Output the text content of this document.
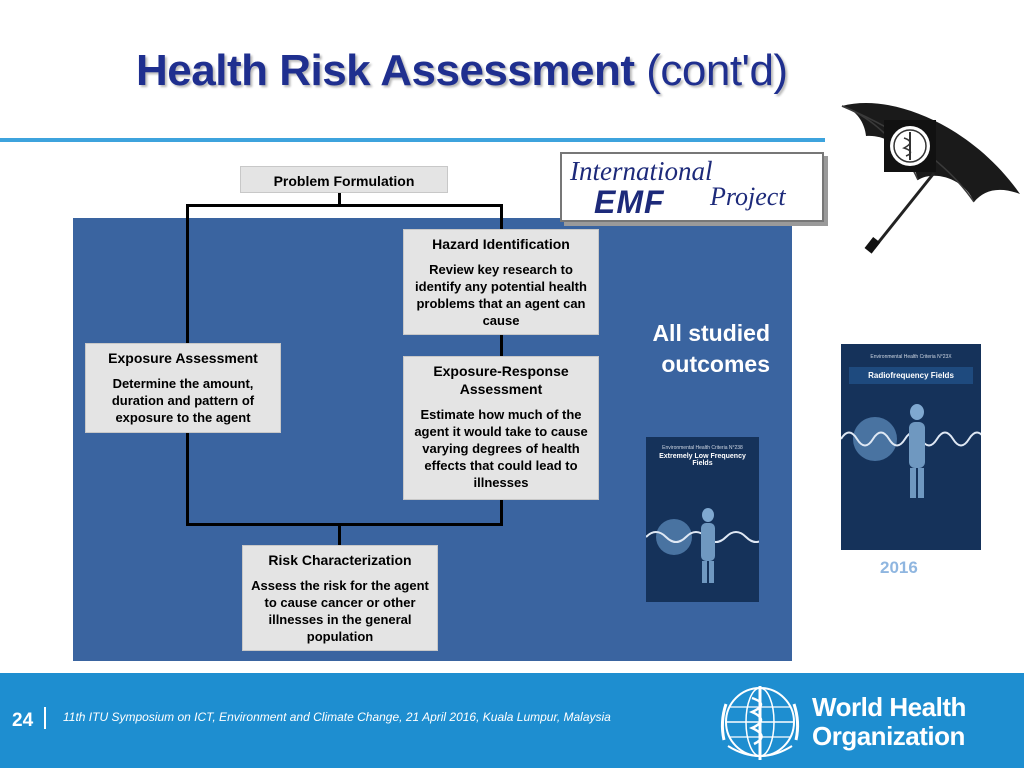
Health Risk Assessment (cont'd)
Problem Formulation
Hazard Identification
Review key research to identify any potential health problems that an agent can cause
Exposure Assessment
Determine the amount, duration and pattern of exposure to the agent
Exposure-Response Assessment
Estimate how much of the agent it would take to cause varying degrees of health effects that could lead to illnesses
Risk Characterization
Assess the risk for the agent to cause cancer or other illnesses in the general population
All studied outcomes
International
EMF Project
Environmental Health Criteria N°238
Extremely Low Frequency Fields
Environmental Health Criteria N°23X
Radiofrequency Fields
2016
24 11th ITU Symposium on ICT, Environment and Climate Change, 21 April 2016, Kuala Lumpur, Malaysia	World Health
Organization
